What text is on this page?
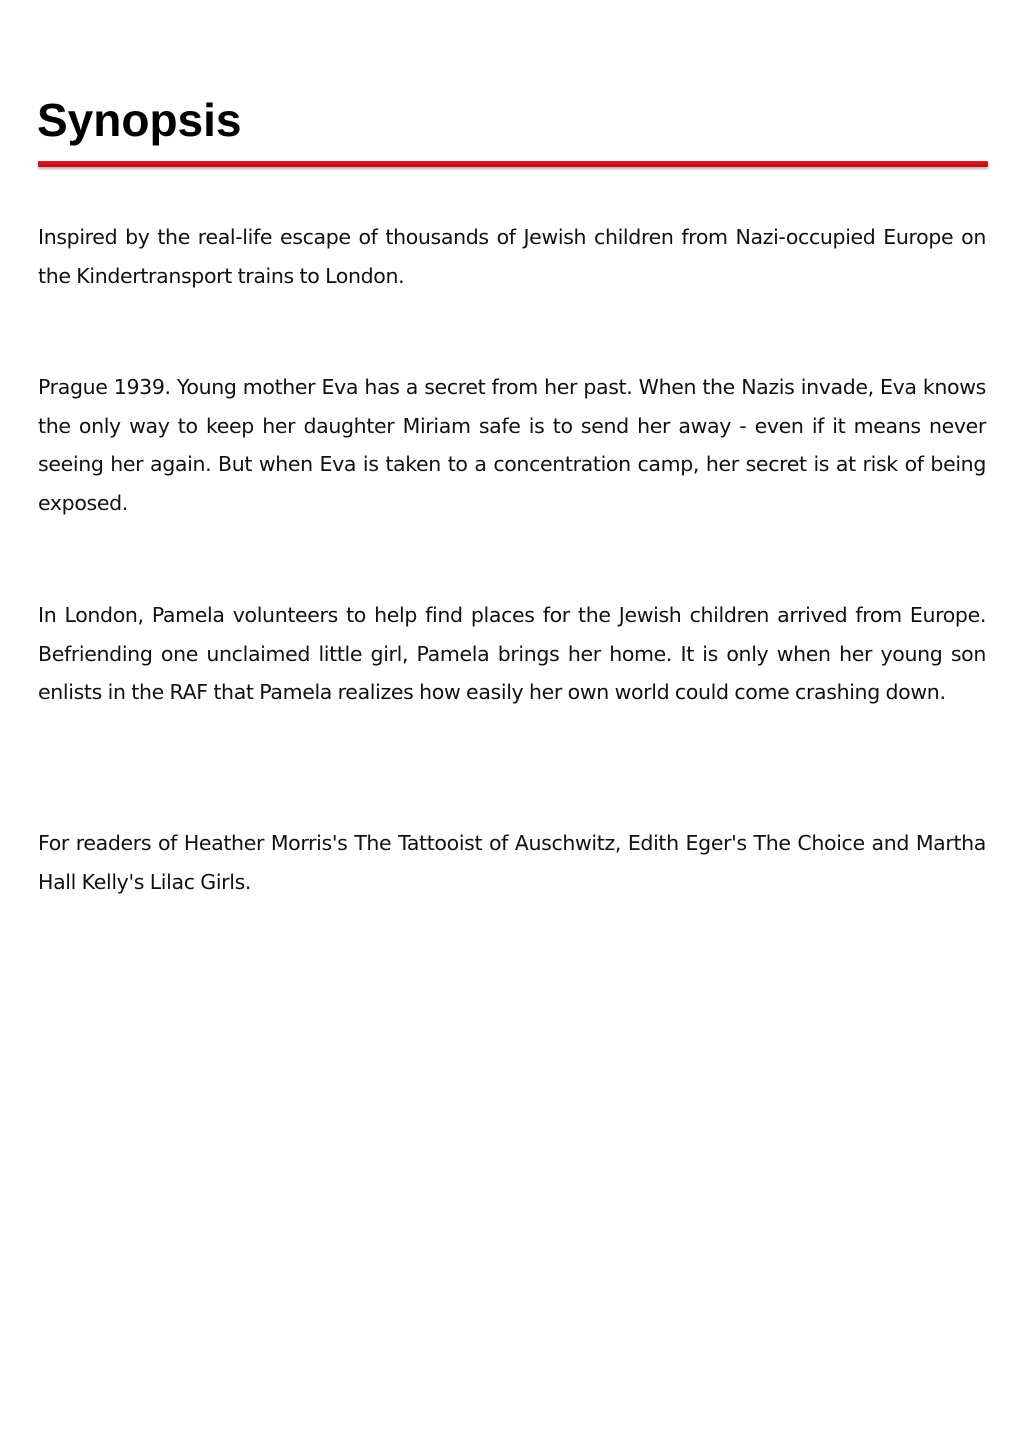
Synopsis

Inspired by the real-life escape of thousands of Jewish children from Nazi-occupied Europe on the Kindertransport trains to London.

Prague 1939. Young mother Eva has a secret from her past. When the Nazis invade, Eva knows the only way to keep her daughter Miriam safe is to send her away - even if it means never seeing her again. But when Eva is taken to a concentration camp, her secret is at risk of being exposed.

In London, Pamela volunteers to help find places for the Jewish children arrived from Europe. Befriending one unclaimed little girl, Pamela brings her home. It is only when her young son enlists in the RAF that Pamela realizes how easily her own world could come crashing down.

For readers of Heather Morris's The Tattooist of Auschwitz, Edith Eger's The Choice and Martha Hall Kelly's Lilac Girls.
